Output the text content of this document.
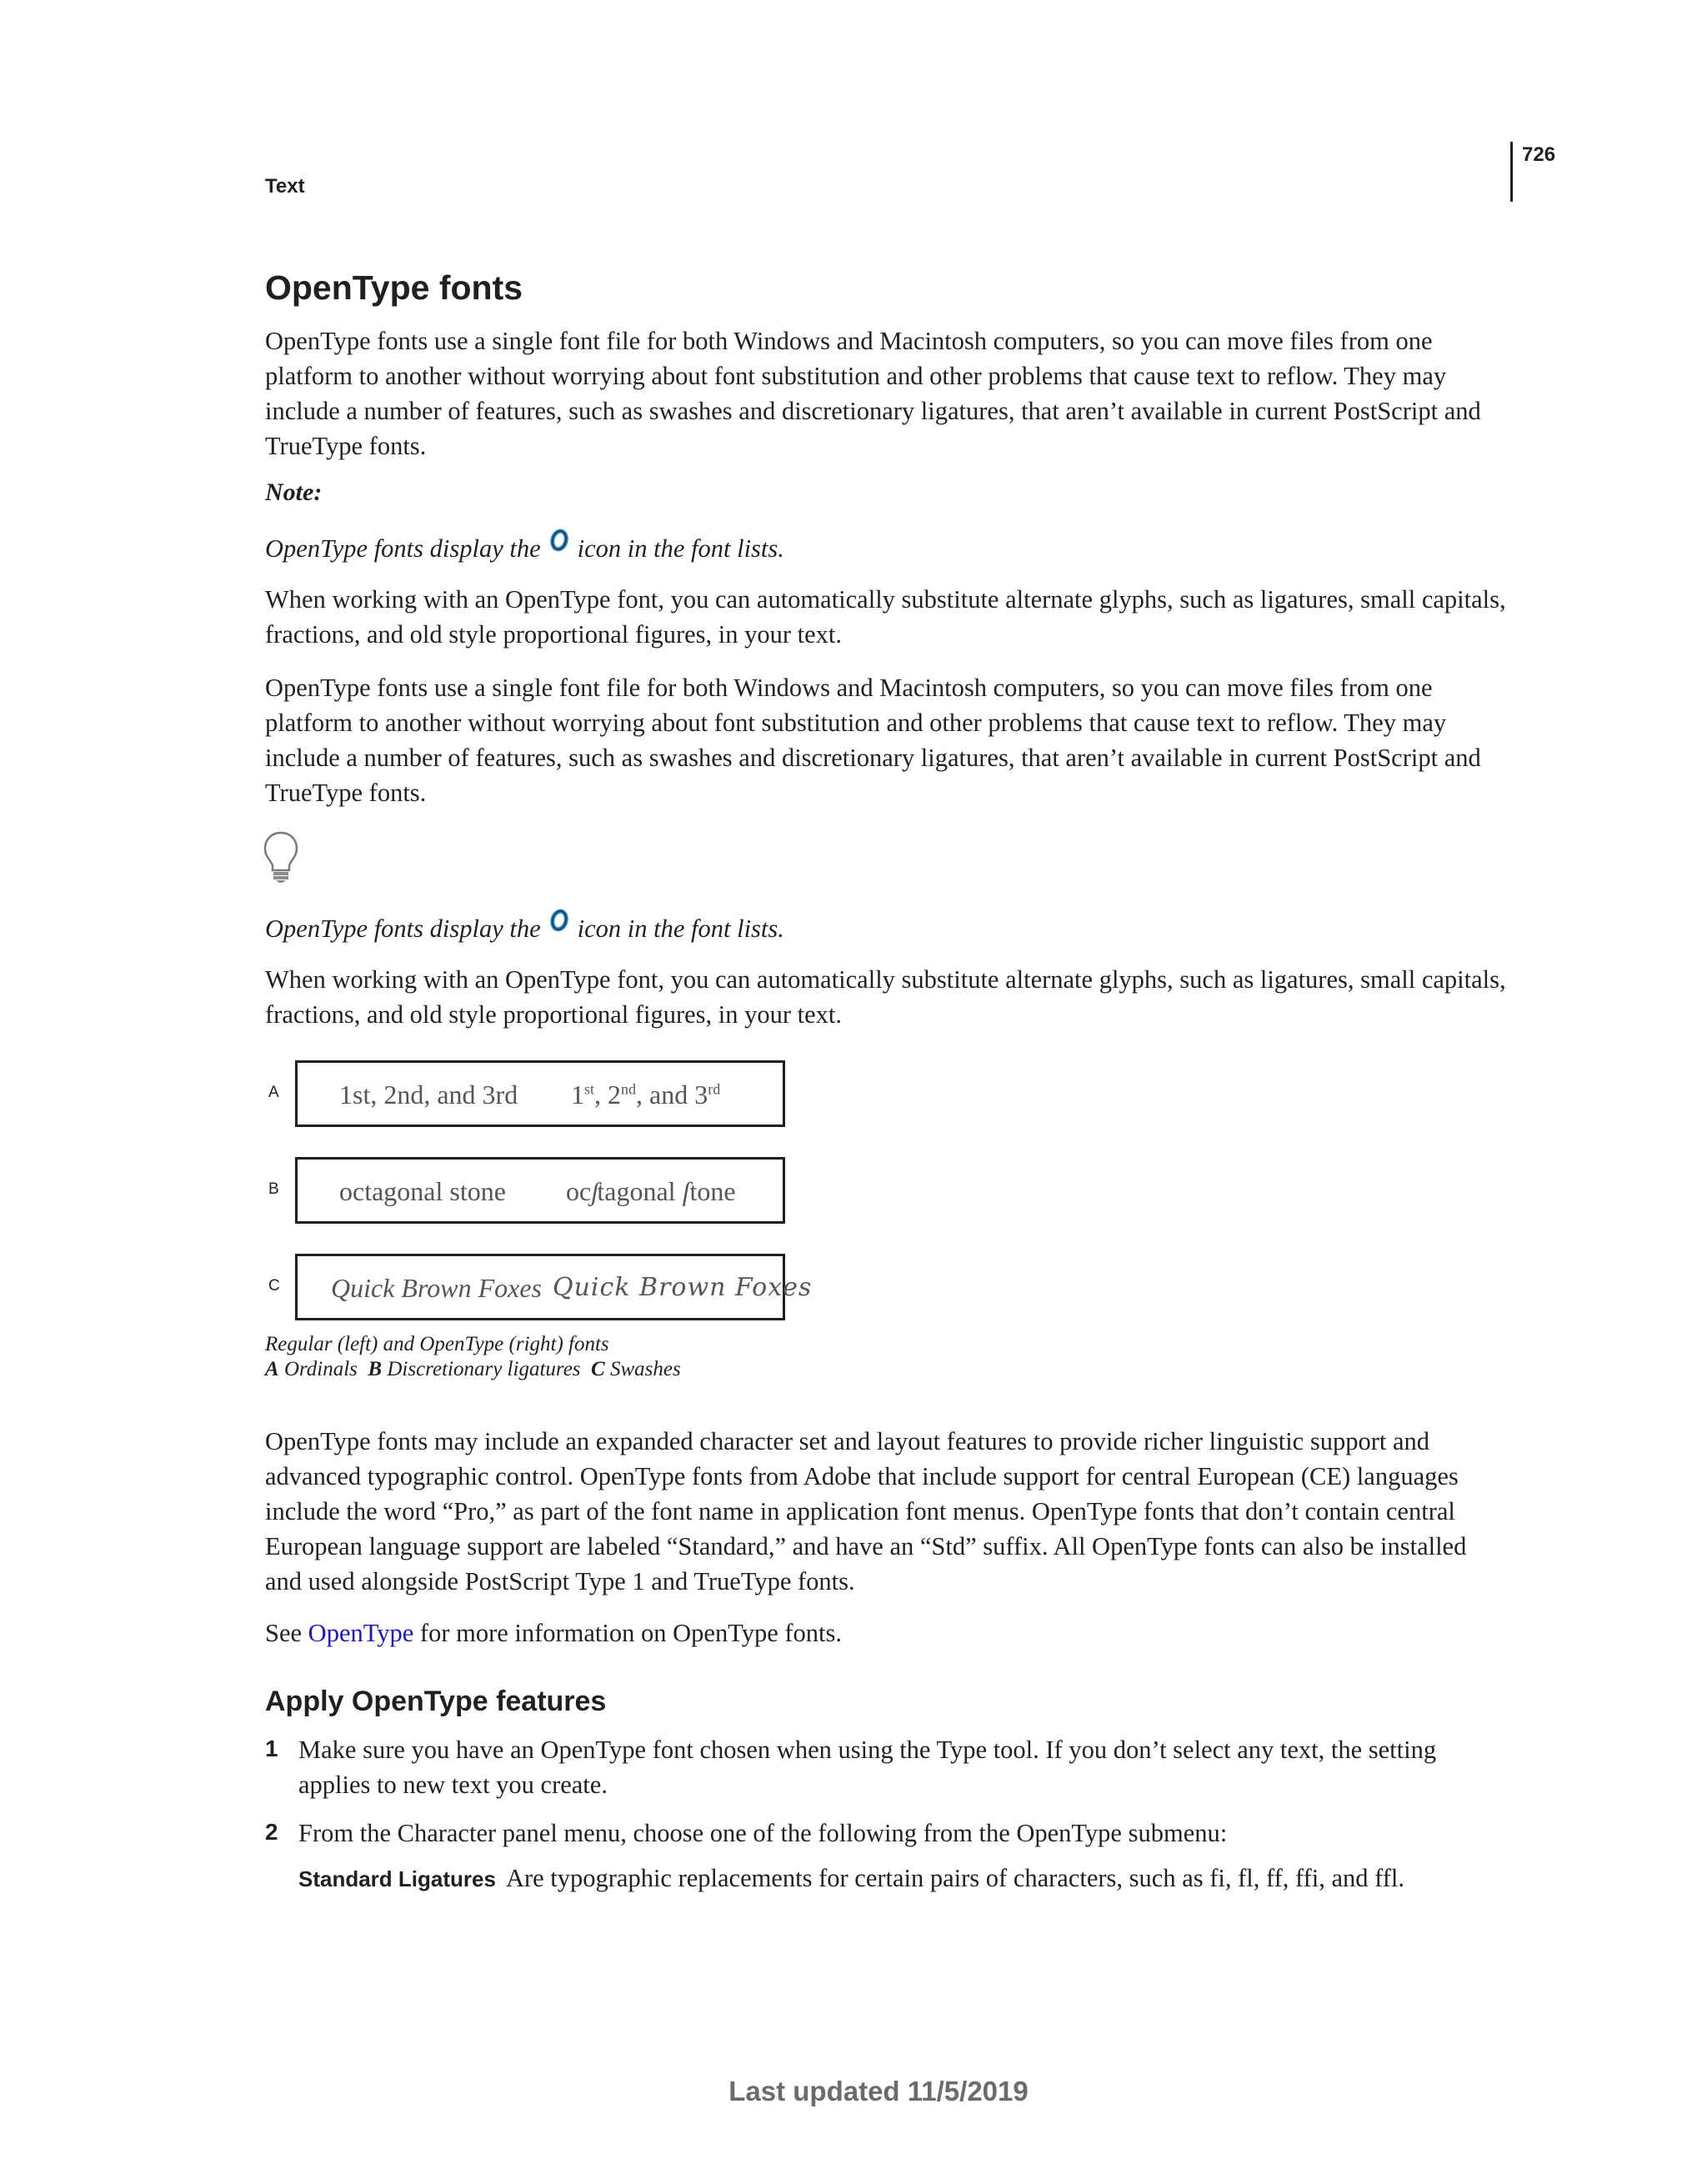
726
Text
OpenType fonts

OpenType fonts use a single font file for both Windows and Macintosh computers, so you can move files from one platform to another without worrying about font substitution and other problems that cause text to reflow. They may include a number of features, such as swashes and discretionary ligatures, that aren’t available in current PostScript and TrueType fonts.

Note:

OpenType fonts display the icon in the font lists.

When working with an OpenType font, you can automatically substitute alternate glyphs, such as ligatures, small capitals, fractions, and old style proportional figures, in your text.

OpenType fonts use a single font file for both Windows and Macintosh computers, so you can move files from one platform to another without worrying about font substitution and other problems that cause text to reflow. They may include a number of features, such as swashes and discretionary ligatures, that aren’t available in current PostScript and TrueType fonts.

OpenType fonts display the icon in the font lists.

When working with an OpenType font, you can automatically substitute alternate glyphs, such as ligatures, small capitals, fractions, and old style proportional figures, in your text.

A 1st, 2nd, and 3rd 1st, 2nd, and 3rd
B octagonal stone ocʃtagonal ſtone
C Quick Brown Foxes Quick Brown Foxes
Regular (left) and OpenType (right) fonts
A Ordinals B Discretionary ligatures C Swashes

OpenType fonts may include an expanded character set and layout features to provide richer linguistic support and advanced typographic control. OpenType fonts from Adobe that include support for central European (CE) languages include the word “Pro,” as part of the font name in application font menus. OpenType fonts that don’t contain central European language support are labeled “Standard,” and have an “Std” suffix. All OpenType fonts can also be installed and used alongside PostScript Type 1 and TrueType fonts.

See OpenType for more information on OpenType fonts.

Apply OpenType features
1 Make sure you have an OpenType font chosen when using the Type tool. If you don’t select any text, the setting applies to new text you create.

2 From the Character panel menu, choose one of the following from the OpenType submenu:

Standard Ligatures Are typographic replacements for certain pairs of characters, such as fi, fl, ff, ffi, and ffl.

Last updated 11/5/2019
